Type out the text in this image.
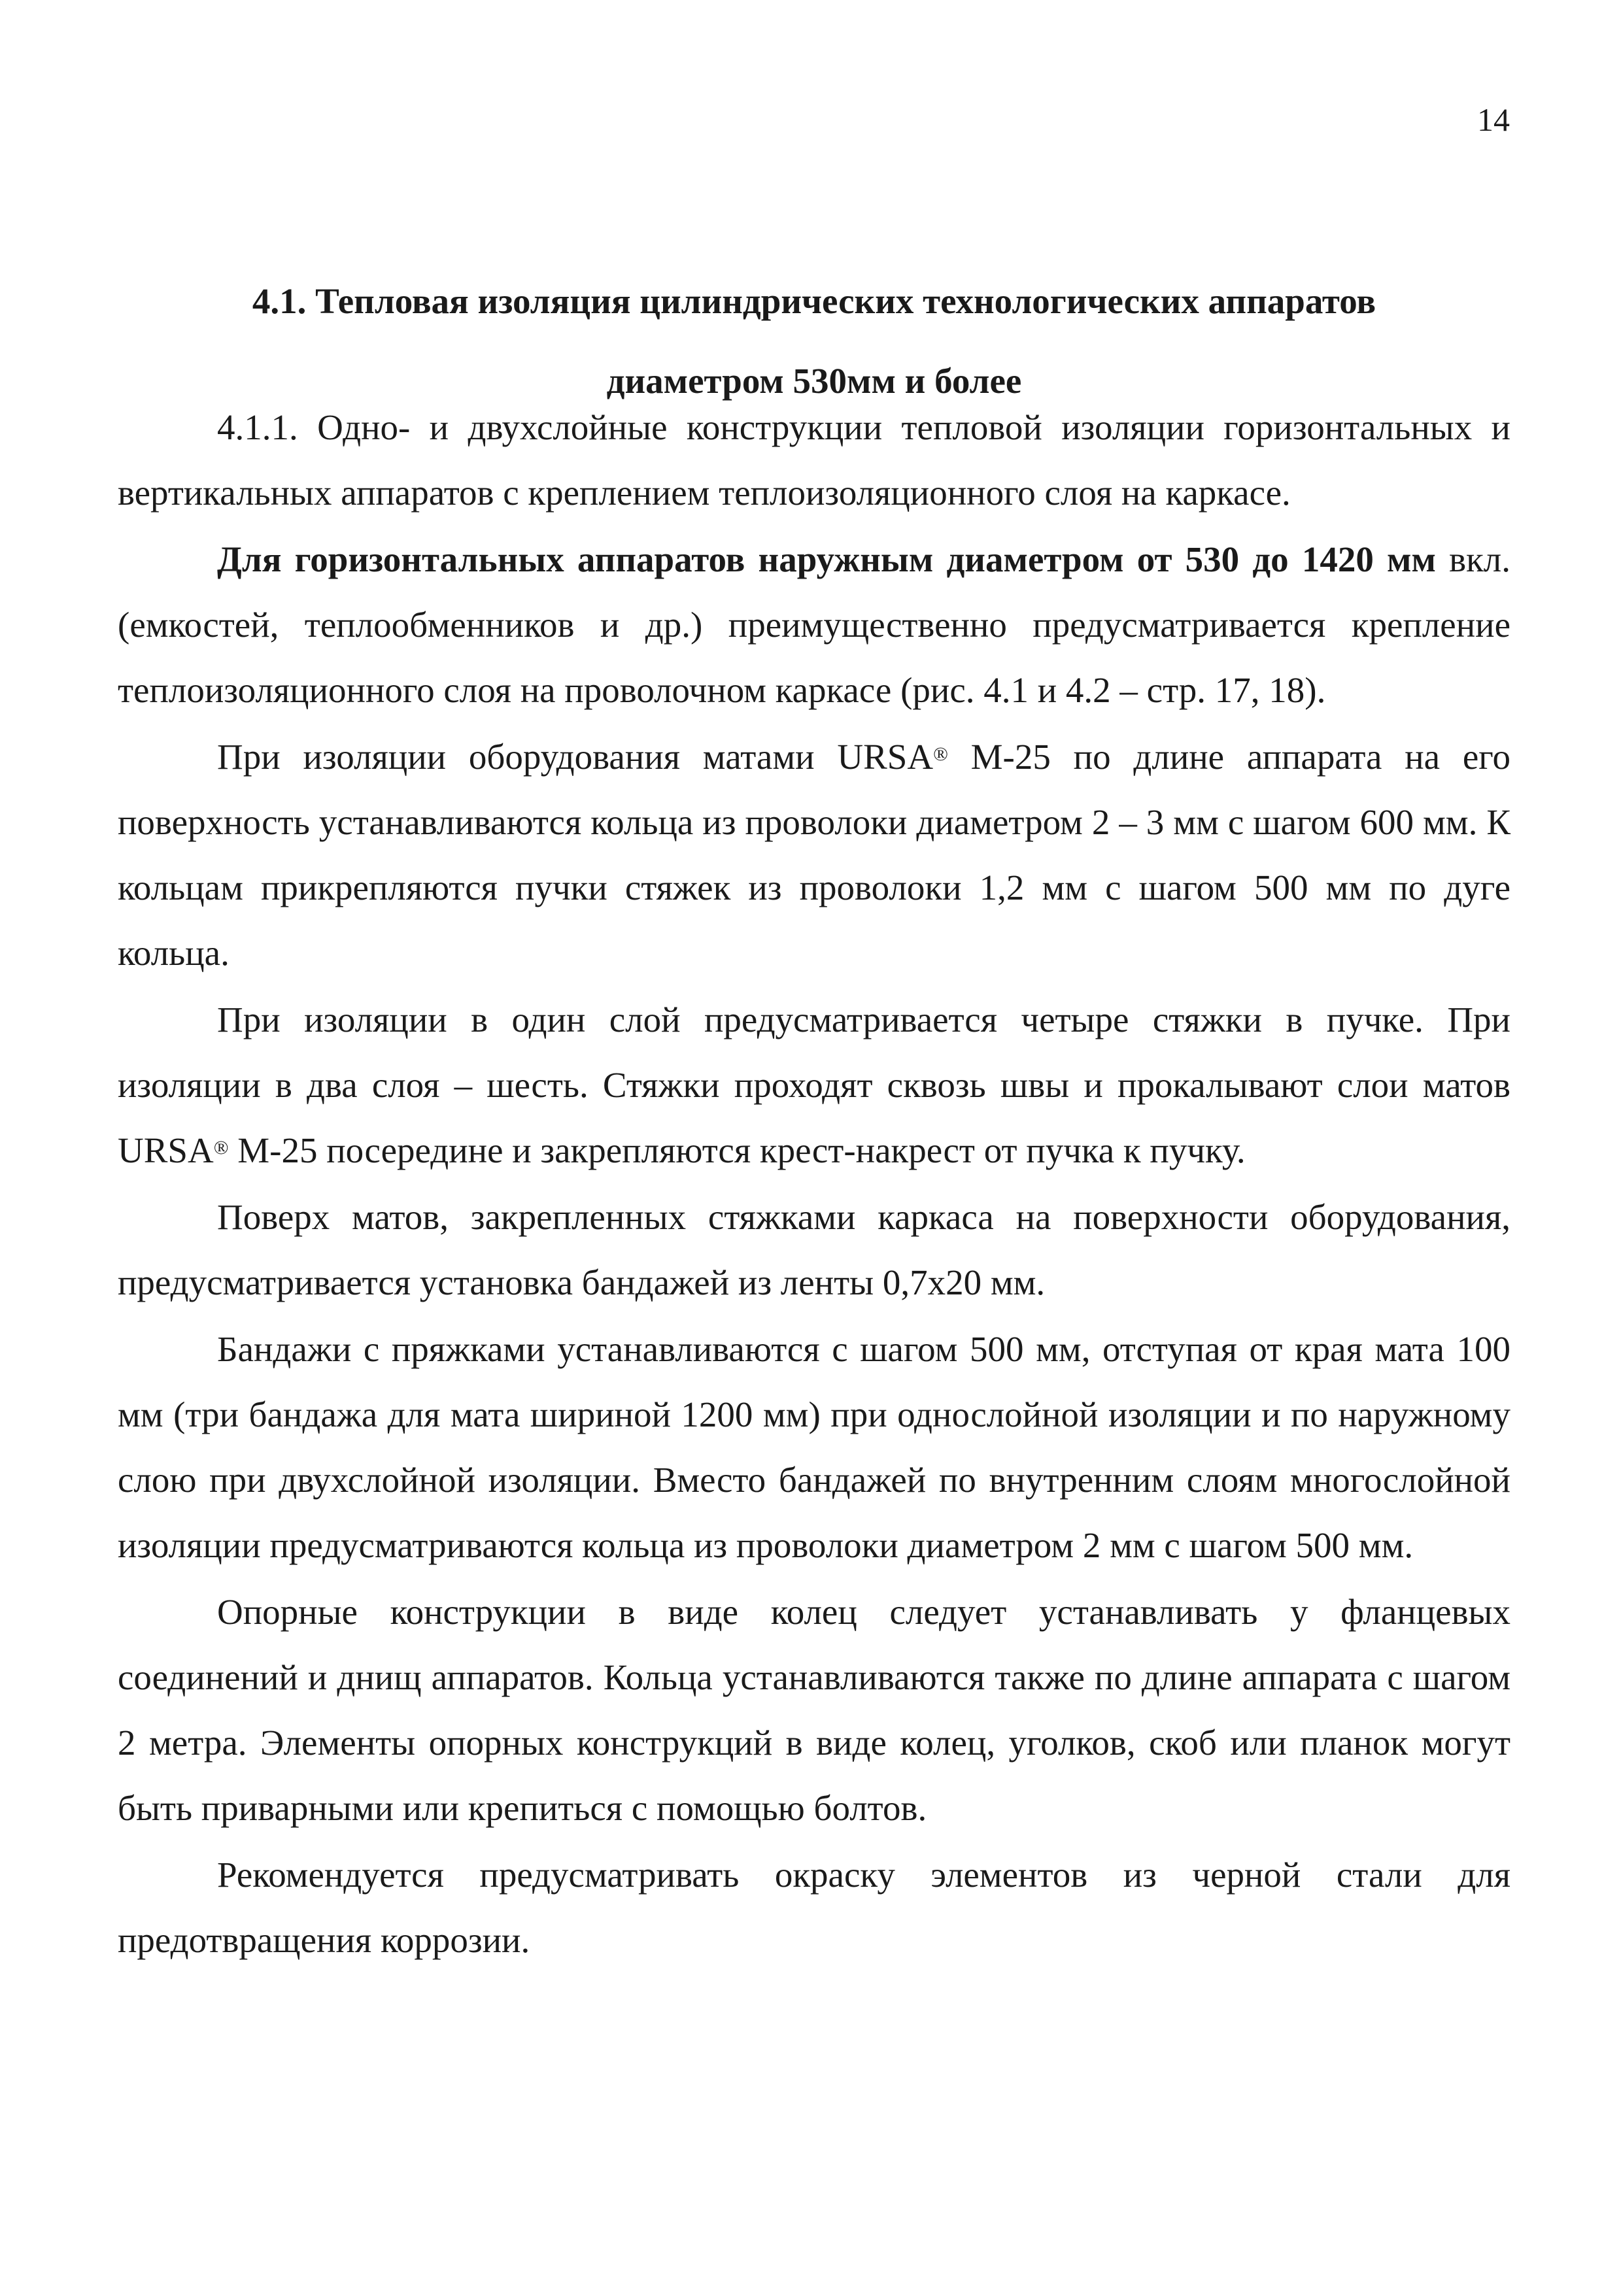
14
4.1. Тепловая изоляция цилиндрических технологических аппаратов
диаметром 530мм и более

4.1.1. Одно- и двухслойные конструкции тепловой изоляции горизонтальных и вертикальных аппаратов с креплением теплоизоляционного слоя на каркасе.

Для горизонтальных аппаратов наружным диаметром от 530 до 1420 мм вкл. (емкостей, теплообменников и др.) преимущественно предусматривается крепление теплоизоляционного слоя на проволочном каркасе (рис. 4.1 и 4.2 – стр. 17, 18).

При изоляции оборудования матами URSA® М-25 по длине аппарата на его поверхность устанавливаются кольца из проволоки диаметром 2 – 3 мм с шагом 600 мм. К кольцам прикрепляются пучки стяжек из проволоки 1,2 мм с шагом 500 мм по дуге кольца.

При изоляции в один слой предусматривается четыре стяжки в пучке. При изоляции в два слоя – шесть. Стяжки проходят сквозь швы и прокалывают слои матов URSA® М-25 посередине и закрепляются крест-накрест от пучка к пучку.

Поверх матов, закрепленных стяжками каркаса на поверхности оборудования, предусматривается установка бандажей из ленты 0,7х20 мм.

Бандажи с пряжками устанавливаются с шагом 500 мм, отступая от края мата 100 мм (три бандажа для мата шириной 1200 мм) при однослойной изоляции и по наружному слою при двухслойной изоляции. Вместо бандажей по внутренним слоям многослойной изоляции предусматриваются кольца из проволоки диаметром 2 мм с шагом 500 мм.

Опорные конструкции в виде колец следует устанавливать у фланцевых соединений и днищ аппаратов. Кольца устанавливаются также по длине аппарата с шагом 2 метра. Элементы опорных конструкций в виде колец, уголков, скоб или планок могут быть приварными или крепиться с помощью болтов.

Рекомендуется предусматривать окраску элементов из черной стали для предотвращения коррозии.
